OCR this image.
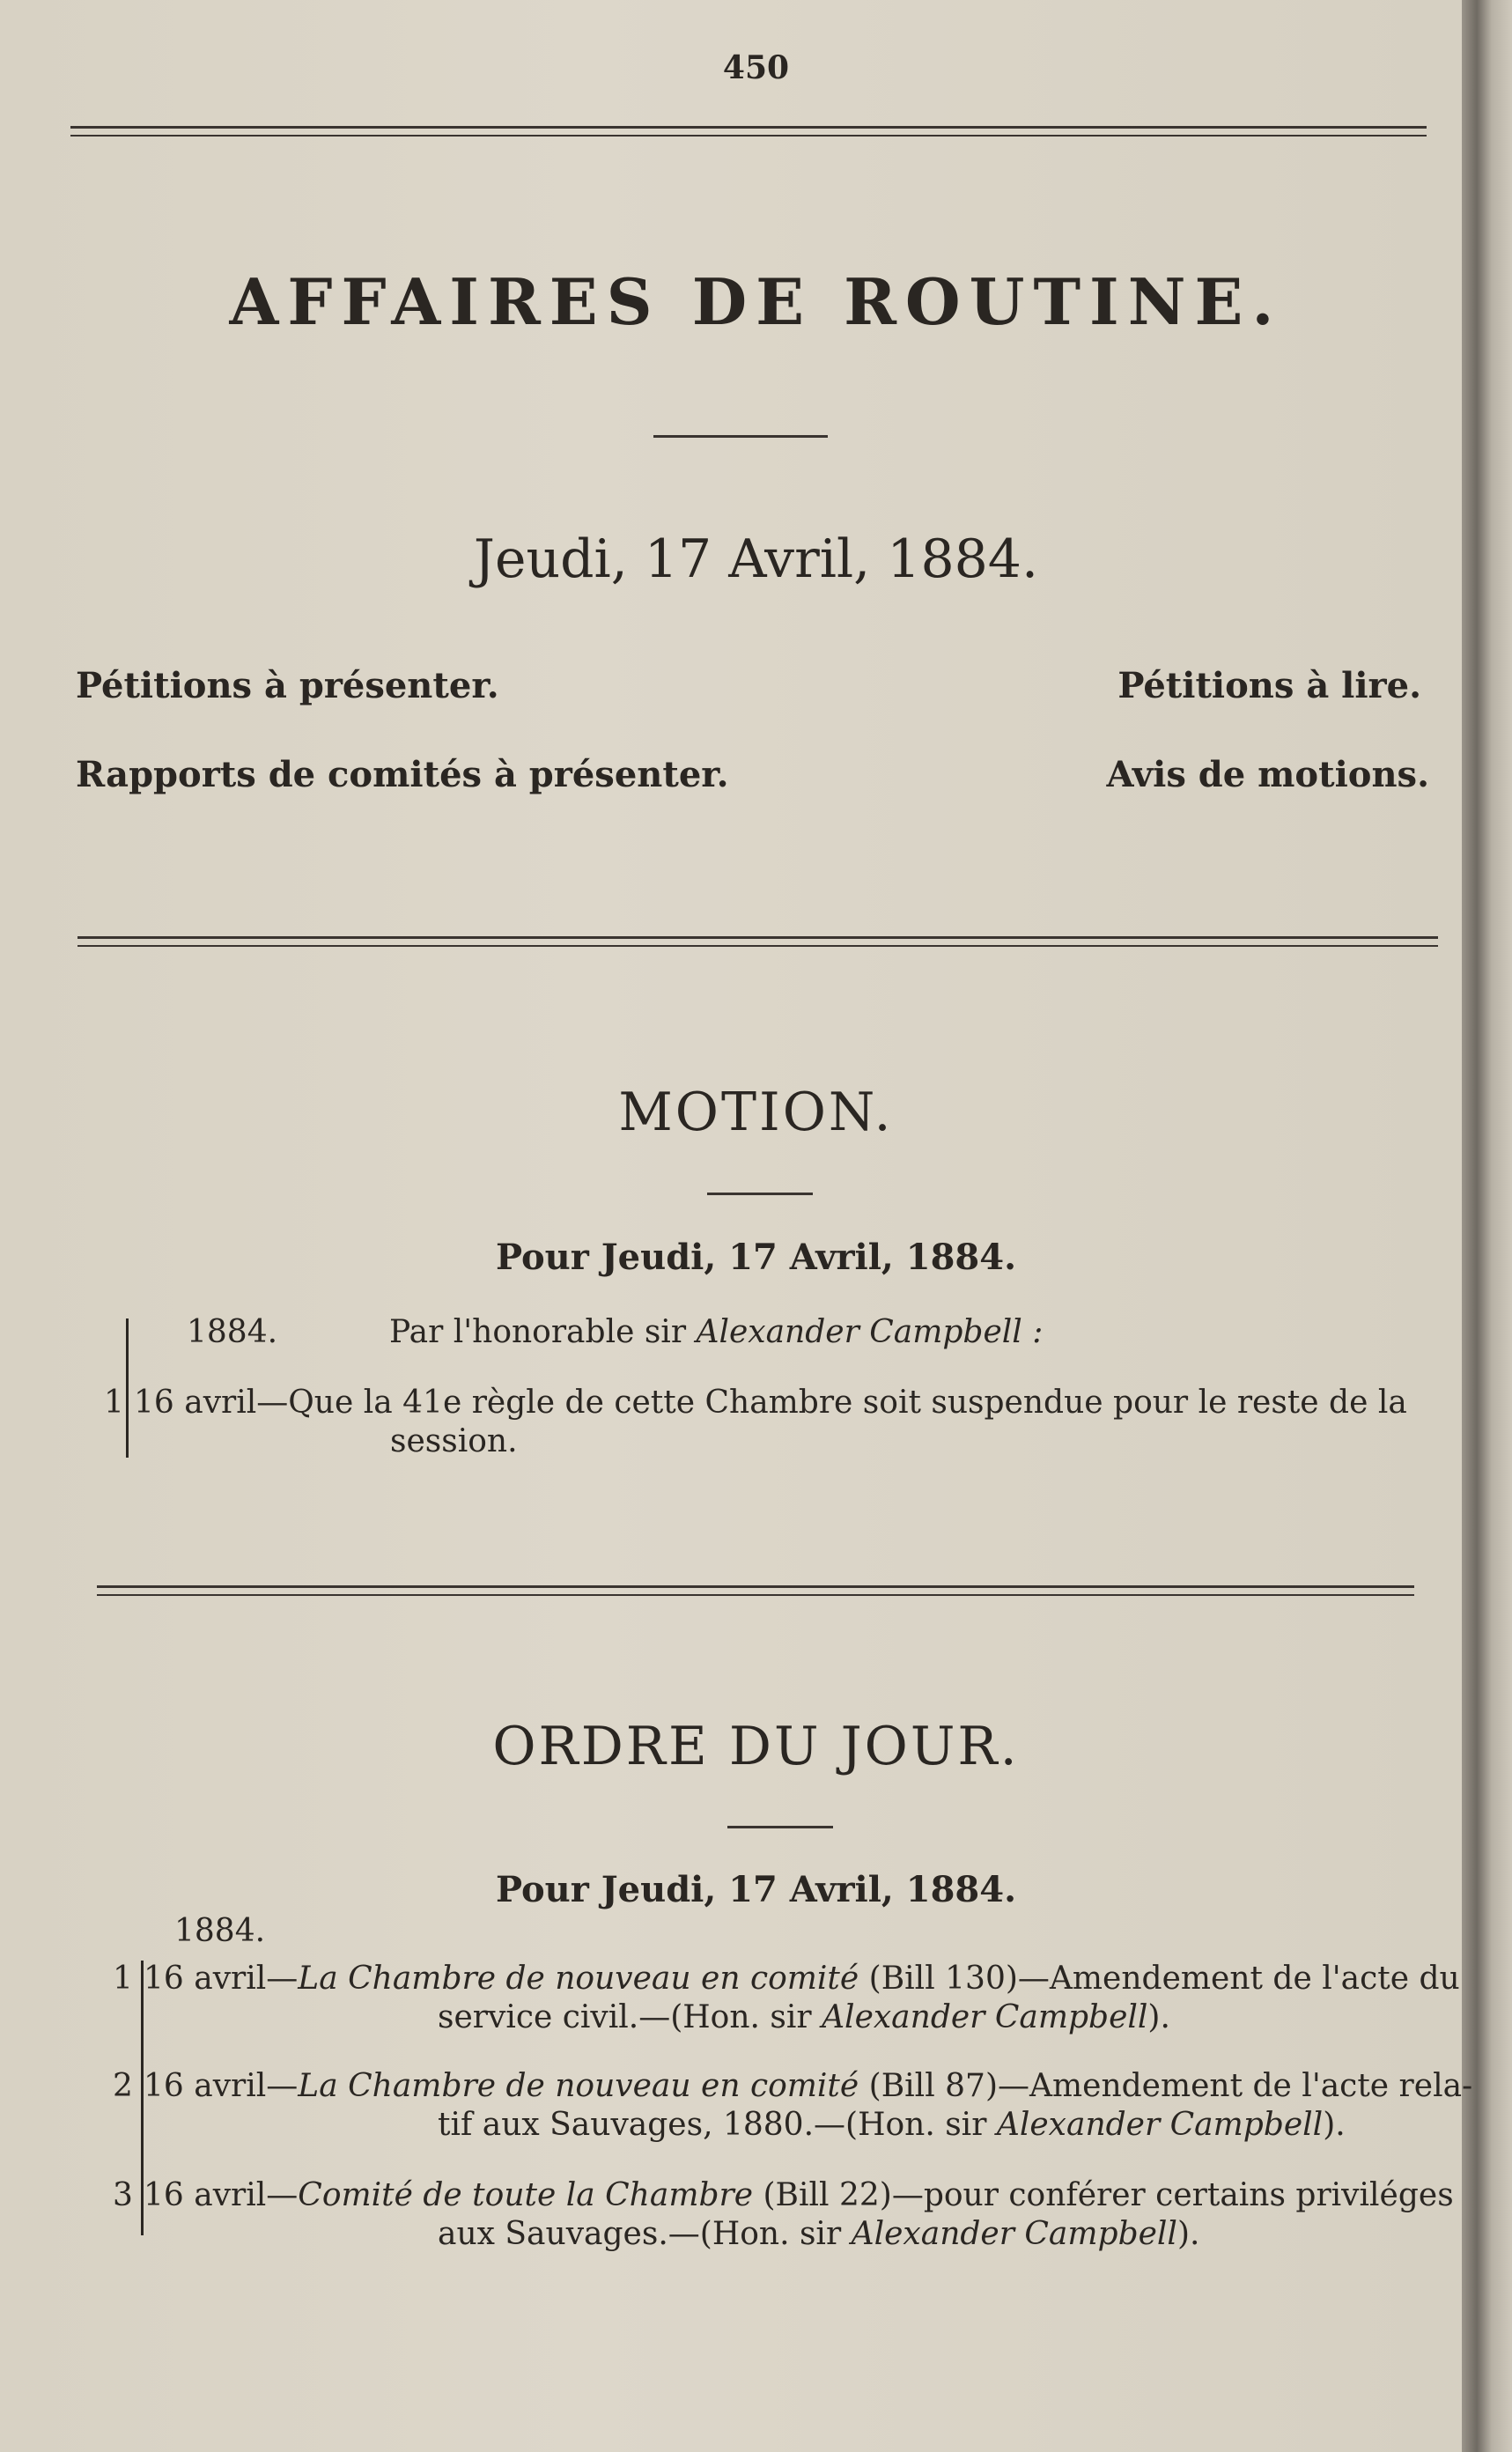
450
AFFAIRES DE ROUTINE.
Jeudi, 17 Avril, 1884.
Pétitions à présenter.
Rapports de comités à présenter.
Pétitions à lire.
Avis de motions.
MOTION.
Pour Jeudi, 17 Avril, 1884.
1884.	Par l'honorable sir Alexander Campbell :
1 16 avril—Que la 41e règle de cette Chambre soit suspendue pour le reste de la
session.
ORDRE DU JOUR.
Pour Jeudi, 17 Avril, 1884.
1884.
1 16 avril—La Chambre de nouveau en comité (Bill 130)—Amendement de l'acte du
service civil.—(Hon. sir Alexander Campbell).
2 16 avril—La Chambre de nouveau en comité (Bill 87)—Amendement de l'acte rela-
tif aux Sauvages, 1880.—(Hon. sir Alexander Campbell).
3 16 avril—Comité de toute la Chambre (Bill 22)—pour conférer certains priviléges
aux Sauvages.—(Hon. sir Alexander Campbell).
